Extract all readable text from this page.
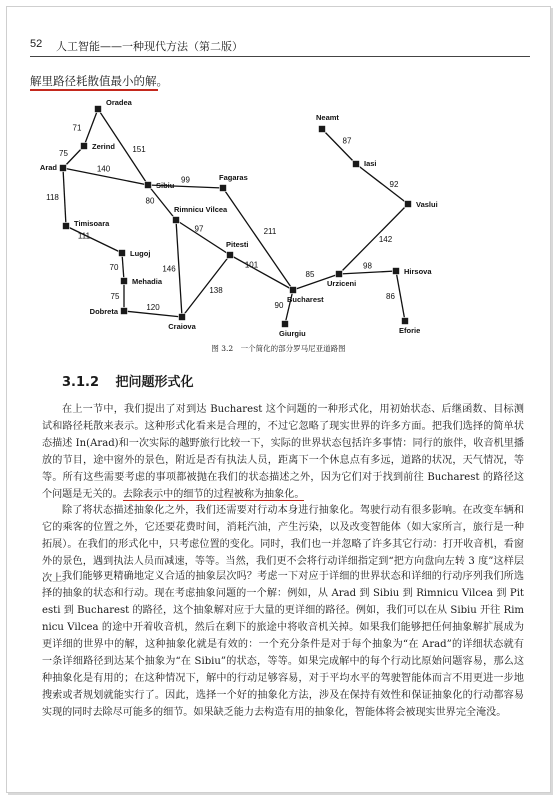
52 人工智能——一种现代方法（第二版）
解里路径耗散值最小的解。
71
75	151
140
118
111
70
75
120
99
80
97
146
138
211
101
90
85
98
86
142
92
87
Oradea
Zerind
Arad
Timisoara
Lugoj
Mehadia
Dobreta
Craiova
Sibiu
Fagaras
Rimnicu Vilcea
Pitesti
Bucharest
Giurgiu
Urziceni
Hirsova
Eforie
Vaslui
Iasi
Neamt
图 3.2　一个简化的部分罗马尼亚道路图
3.1.2 把问题形式化
在上一节中，我们提出了对到达 Bucharest 这个问题的一种形式化，用初始状态、后继函数、目标测试和路径耗散来表示。这种形式化看来是合理的，不过它忽略了现实世界的许多方面。把我们选择的简单状态描述 In(Arad)和一次实际的越野旅行比较一下，实际的世界状态包括许多事情：同行的旅伴，收音机里播放的节目，途中窗外的景色，附近是否有执法人员，距离下一个休息点有多远，道路的状况，天气情况，等等。所有这些需要考虑的事项都被抛在我们的状态描述之外，因为它们对于找到前往 Bucharest 的路径这个问题是无关的。去除表示中的细节的过程被称为抽象化。
除了将状态描述抽象化之外，我们还需要对行动本身进行抽象化。驾驶行动有很多影响。在改变车辆和它的乘客的位置之外，它还要花费时间，消耗汽油，产生污染，以及改变智能体（如大家所言，旅行是一种拓展）。在我们的形式化中，只考虑位置的变化。同时，我们也一并忽略了许多其它行动：打开收音机，看窗外的景色，遇到执法人员而减速，等等。当然，我们更不会将行动详细指定到“把方向盘向左转 3 度”这样层次上。
我们能够更精确地定义合适的抽象层次吗？考虑一下对应于详细的世界状态和详细的行动序列我们所选择的抽象的状态和行动。现在考虑抽象问题的一个解：例如，从 Arad 到 Sibiu 到 Rimnicu Vilcea 到 Pitesti 到 Bucharest 的路径，这个抽象解对应于大量的更详细的路径。例如，我们可以在从 Sibiu 开往 Rimnicu Vilcea 的途中开着收音机，然后在剩下的旅途中将收音机关掉。如果我们能够把任何抽象解扩展成为更详细的世界中的解，这种抽象化就是有效的：一个充分条件是对于每个抽象为“在 Arad”的详细状态就有一条详细路径到达某个抽象为“在 Sibiu”的状态，等等。如果完成解中的每个行动比原始问题容易，那么这种抽象化是有用的；在这种情况下，解中的行动足够容易，对于平均水平的驾驶智能体而言不用更进一步地搜索或者规划就能实行了。因此，选择一个好的抽象化方法，涉及在保持有效性和保证抽象化的行动都容易实现的同时去除尽可能多的细节。如果缺乏能力去构造有用的抽象化，智能体将会被现实世界完全淹没。
